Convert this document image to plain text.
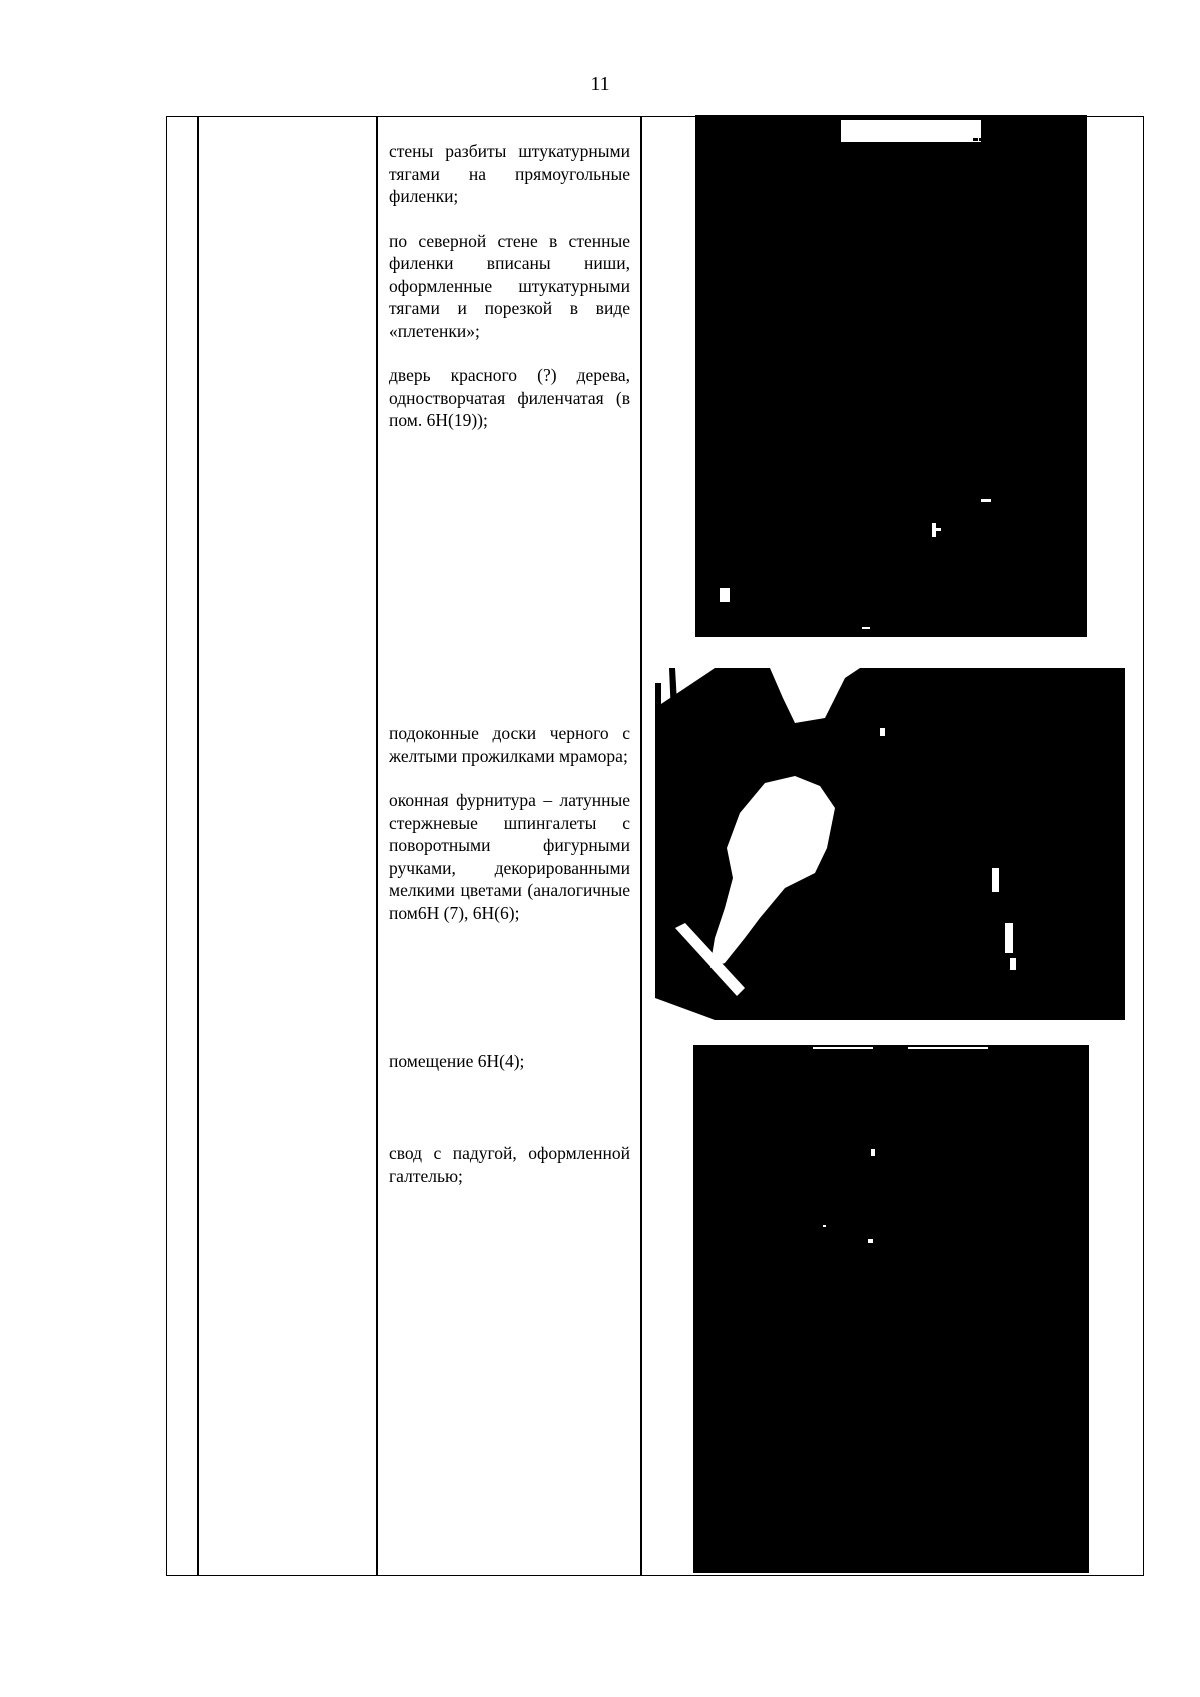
11

стены разбиты штукатурными тягами на прямоугольные филенки;

по северной стене в стенные филенки вписаны ниши, оформленные штукатурными тягами и порезкой в виде «плетенки»;

дверь красного (?) дерева, одностворчатая филенчатая (в пом. 6Н(19));

подоконные доски черного с желтыми прожилками мрамора;

оконная фурнитура – латунные стержневые шпингалеты с поворотными фигурными ручками, декорированными мелкими цветами (аналогичные пом6Н (7), 6Н(6);

помещение 6Н(4);

свод с падугой, оформленной галтелью;
